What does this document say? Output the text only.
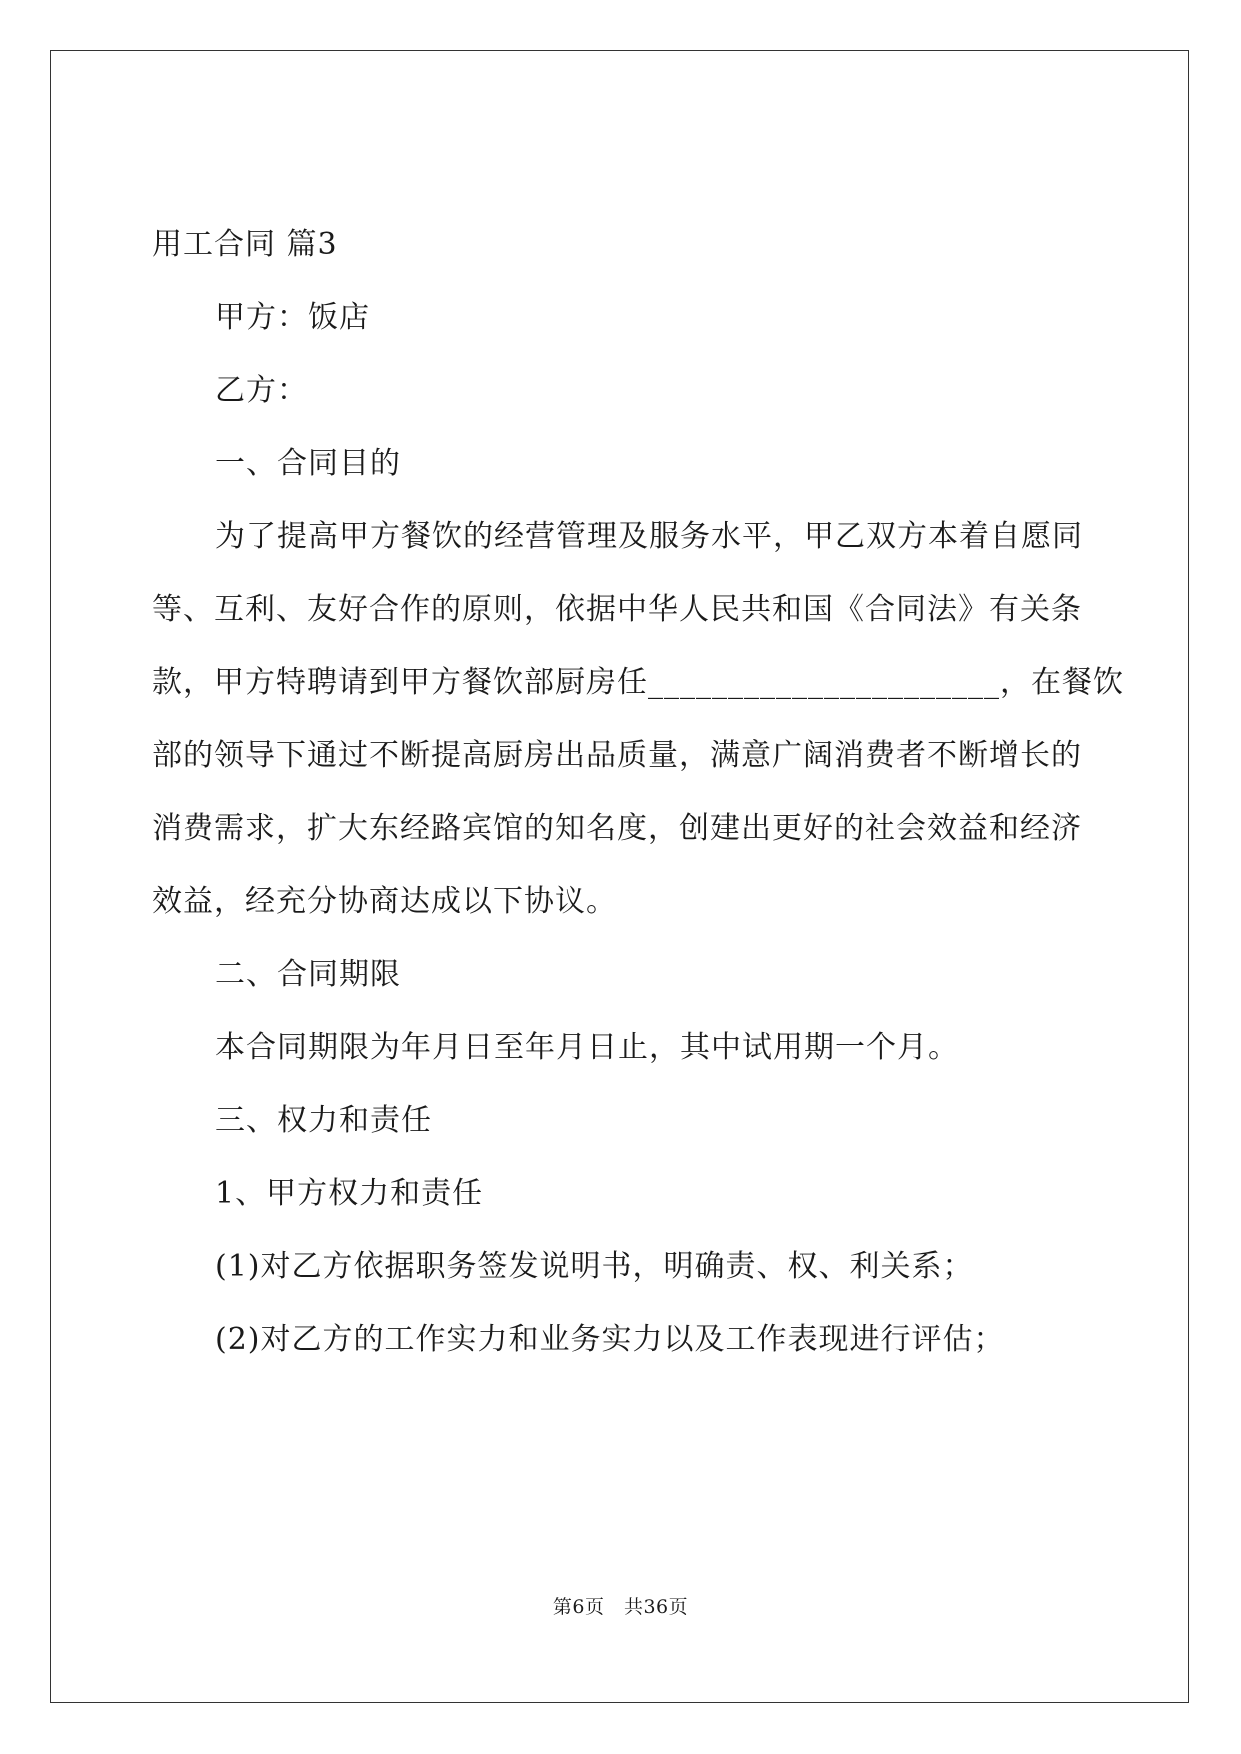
用工合同 篇3
甲方：饭店
乙方：
一、合同目的
为了提高甲方餐饮的经营管理及服务水平，甲乙双方本着自愿同
等、互利、友好合作的原则，依据中华人民共和国《合同法》有关条
款，甲方特聘请到甲方餐饮部厨房任______________________，在餐饮
部的领导下通过不断提高厨房出品质量，满意广阔消费者不断增长的
消费需求，扩大东经路宾馆的知名度，创建出更好的社会效益和经济
效益，经充分协商达成以下协议。
二、合同期限
本合同期限为年月日至年月日止，其中试用期一个月。
三、权力和责任
1、甲方权力和责任
(1)对乙方依据职务签发说明书，明确责、权、利关系；
(2)对乙方的工作实力和业务实力以及工作表现进行评估；
第6页　共36页
